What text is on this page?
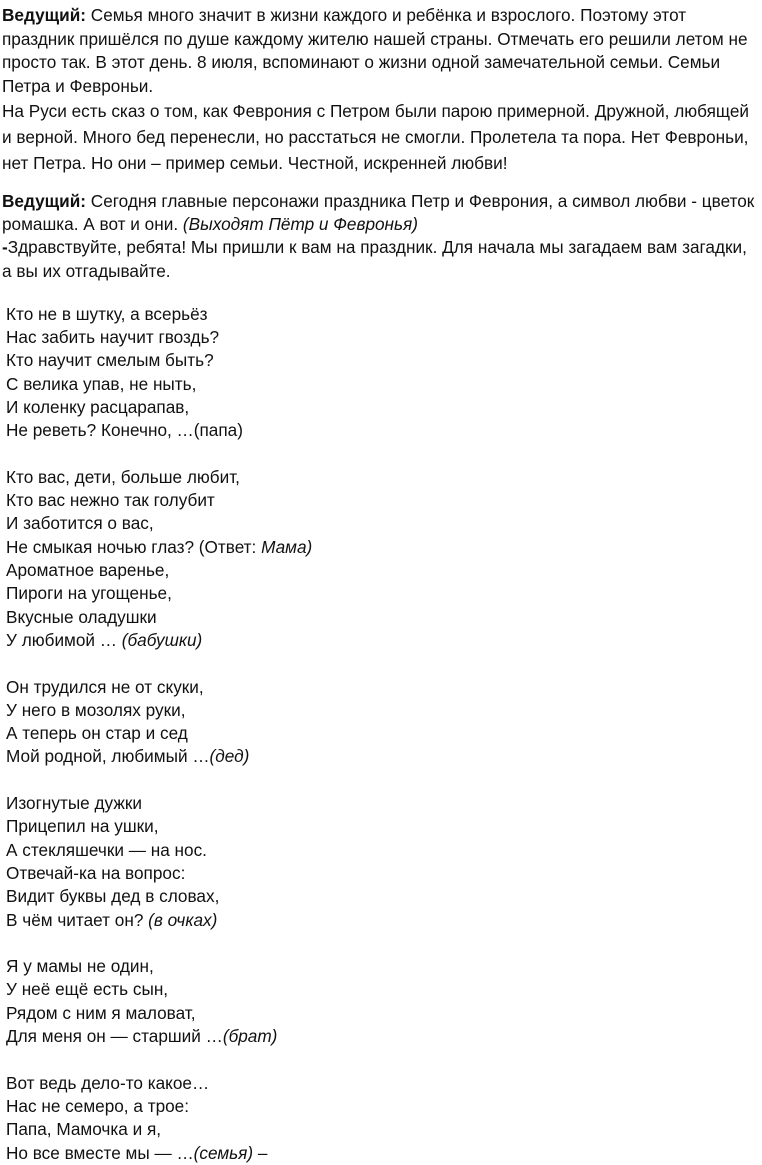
Ведущий: Семья много значит в жизни каждого и ребёнка и взрослого. Поэтому этот праздник пришёлся по душе каждому жителю нашей страны. Отмечать его решили летом не просто так. В этот день. 8 июля, вспоминают о жизни одной замечательной семьи. Семьи Петра и Февроньи.

На Руси есть сказ о том, как Феврония с Петром были парою примерной. Дружной, любящей и верной. Много бед перенесли, но расстаться не смогли. Пролетела та пора. Нет Февроньи, нет Петра. Но они – пример семьи. Честной, искренней любви!

Ведущий: Сегодня главные персонажи праздника Петр и Феврония, а символ любви - цветок ромашка. А вот и они. (Выходят Пётр и Февронья)

-Здравствуйте, ребята! Мы пришли к вам на праздник. Для начала мы загадаем вам загадки, а вы их отгадывайте.

Кто не в шутку, а всерьёз
Нас забить научит гвоздь?
Кто научит смелым быть?
С велика упав, не ныть,
И коленку расцарапав,
Не реветь? Конечно, …(папа)
Кто вас, дети, больше любит,
Кто вас нежно так голубит
И заботится о вас,
Не смыкая ночью глаз? (Ответ: Мама)
Ароматное варенье,
Пироги на угощенье,
Вкусные оладушки
У любимой … (бабушки)
Он трудился не от скуки,
У него в мозолях руки,
А теперь он стар и сед
Мой родной, любимый …(дед)
Изогнутые дужки
Прицепил на ушки,
А стекляшечки — на нос.
Отвечай-ка на вопрос:
Видит буквы дед в словах,
В чём читает он? (в очках)
Я у мамы не один,
У неё ещё есть сын,
Рядом с ним я маловат,
Для меня он — старший …(брат)
Вот ведь дело-то какое…
Нас не семеро, а трое:
Папа, Мамочка и я,
Но все вместе мы — …(семья) –
